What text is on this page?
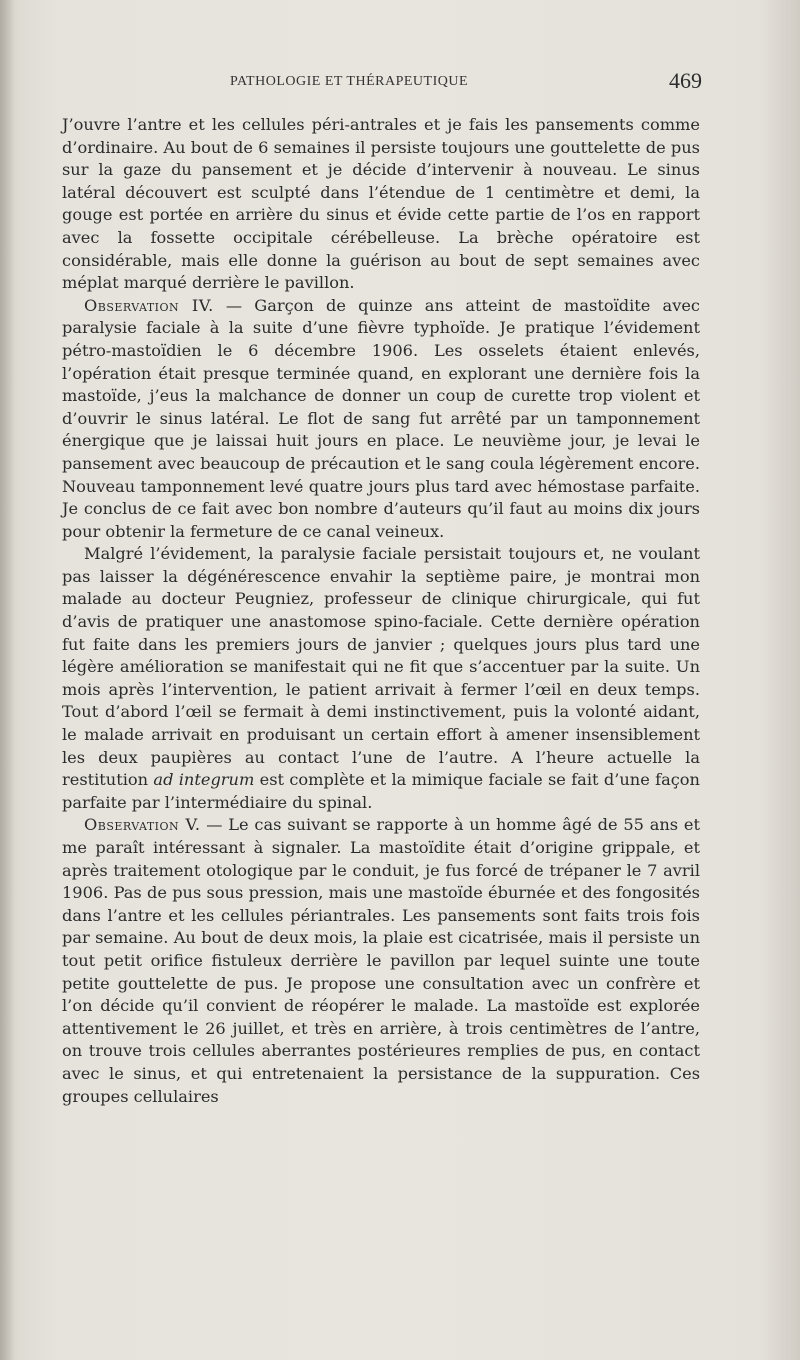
PATHOLOGIE ET THÉRAPEUTIQUE	469

J’ouvre l’antre et les cellules péri-antrales et je fais les pansements comme d’ordinaire. Au bout de 6 semaines il persiste toujours une gouttelette de pus sur la gaze du pansement et je décide d’intervenir à nouveau. Le sinus latéral découvert est sculpté dans l’étendue de 1 centimètre et demi, la gouge est portée en arrière du sinus et évide cette partie de l’os en rapport avec la fossette occipitale cérébelleuse. La brèche opératoire est considérable, mais elle donne la guérison au bout de sept semaines avec méplat marqué derrière le pavillon.

Observation IV. — Garçon de quinze ans atteint de mastoïdite avec paralysie faciale à la suite d’une fièvre typhoïde. Je pratique l’évidement pétro-mastoïdien le 6 décembre 1906. Les osselets étaient enlevés, l’opération était presque terminée quand, en explorant une dernière fois la mastoïde, j’eus la malchance de donner un coup de curette trop violent et d’ouvrir le sinus latéral. Le flot de sang fut arrêté par un tamponnement énergique que je laissai huit jours en place. Le neuvième jour, je levai le pansement avec beaucoup de précaution et le sang coula légèrement encore. Nouveau tamponnement levé quatre jours plus tard avec hémostase parfaite. Je conclus de ce fait avec bon nombre d’auteurs qu’il faut au moins dix jours pour obtenir la fermeture de ce canal veineux.

Malgré l’évidement, la paralysie faciale persistait toujours et, ne voulant pas laisser la dégénérescence envahir la septième paire, je montrai mon malade au docteur Peugniez, professeur de clinique chirurgicale, qui fut d’avis de pratiquer une anastomose spino-faciale. Cette dernière opération fut faite dans les premiers jours de janvier ; quelques jours plus tard une légère amélioration se manifestait qui ne fit que s’accentuer par la suite. Un mois après l’intervention, le patient arrivait à fermer l’œil en deux temps. Tout d’abord l’œil se fermait à demi instinctivement, puis la volonté aidant, le malade arrivait en produisant un certain effort à amener insensiblement les deux paupières au contact l’une de l’autre. A l’heure actuelle la restitution ad integrum est complète et la mimique faciale se fait d’une façon parfaite par l’intermédiaire du spinal.

Observation V. — Le cas suivant se rapporte à un homme âgé de 55 ans et me paraît intéressant à signaler. La mastoïdite était d’origine grippale, et après traitement otologique par le conduit, je fus forcé de trépaner le 7 avril 1906. Pas de pus sous pression, mais une mastoïde éburnée et des fongosités dans l’antre et les cellules périantrales. Les pansements sont faits trois fois par semaine. Au bout de deux mois, la plaie est cicatrisée, mais il persiste un tout petit orifice fistuleux derrière le pavillon par lequel suinte une toute petite gouttelette de pus. Je propose une consultation avec un confrère et l’on décide qu’il convient de réopérer le malade. La mastoïde est explorée attentivement le 26 juillet, et très en arrière, à trois centimètres de l’antre, on trouve trois cellules aberrantes postérieures remplies de pus, en contact avec le sinus, et qui entretenaient la persistance de la suppuration. Ces groupes cellulaires
